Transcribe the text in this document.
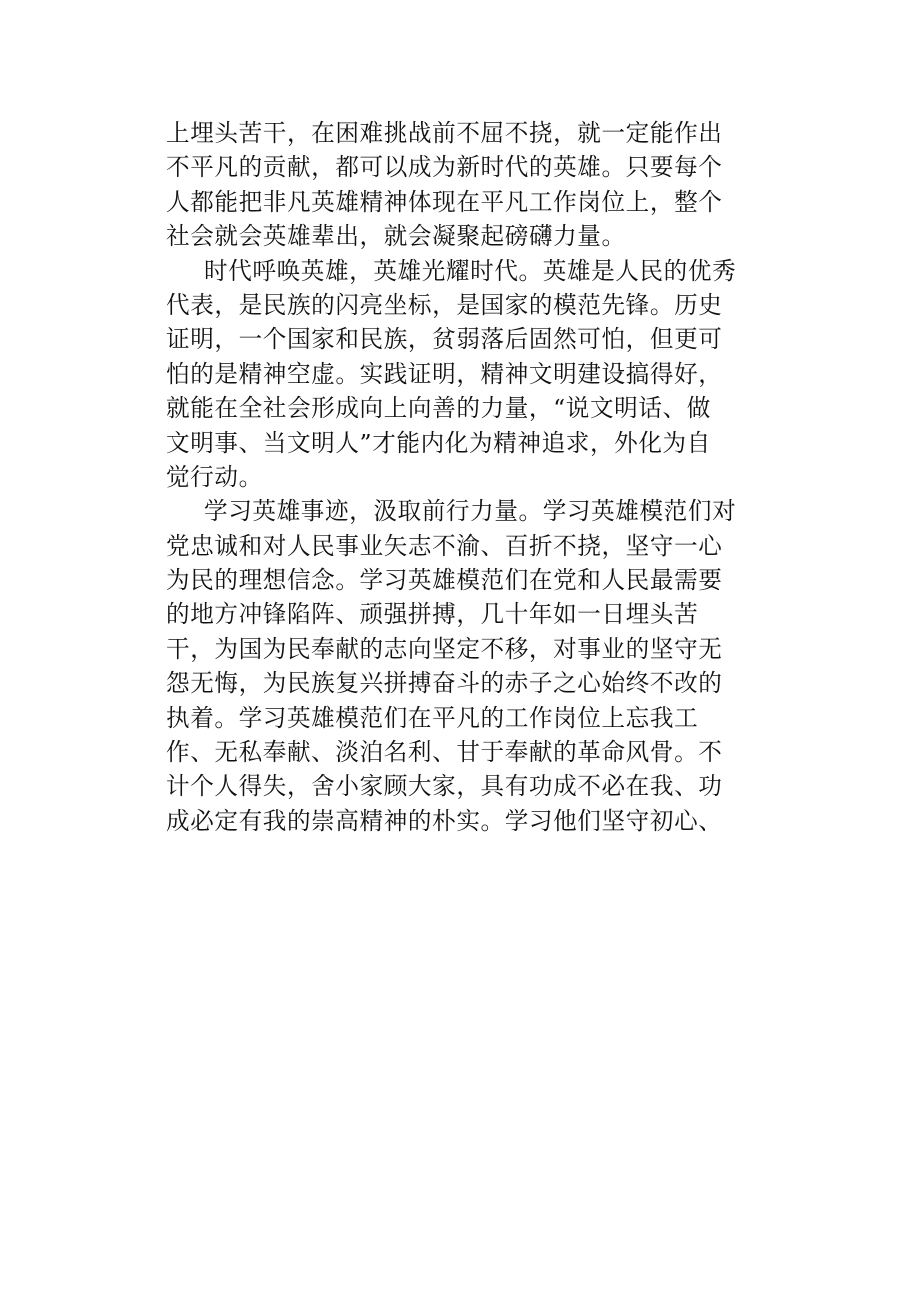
上埋头苦干，在困难挑战前不屈不挠，就一定能作出
不平凡的贡献，都可以成为新时代的英雄。只要每个
人都能把非凡英雄精神体现在平凡工作岗位上，整个
社会就会英雄辈出，就会凝聚起磅礴力量。
时代呼唤英雄，英雄光耀时代。英雄是人民的优秀
代表，是民族的闪亮坐标，是国家的模范先锋。历史
证明，一个国家和民族，贫弱落后固然可怕，但更可
怕的是精神空虚。实践证明，精神文明建设搞得好，
就能在全社会形成向上向善的力量，“说文明话、做
文明事、当文明人”才能内化为精神追求，外化为自
觉行动。
学习英雄事迹，汲取前行力量。学习英雄模范们对
党忠诚和对人民事业矢志不渝、百折不挠，坚守一心
为民的理想信念。学习英雄模范们在党和人民最需要
的地方冲锋陷阵、顽强拼搏，几十年如一日埋头苦
干，为国为民奉献的志向坚定不移，对事业的坚守无
怨无悔，为民族复兴拼搏奋斗的赤子之心始终不改的
执着。学习英雄模范们在平凡的工作岗位上忘我工
作、无私奉献、淡泊名利、甘于奉献的革命风骨。不
计个人得失，舍小家顾大家，具有功成不必在我、功
成必定有我的崇高精神的朴实。学习他们坚守初心、
